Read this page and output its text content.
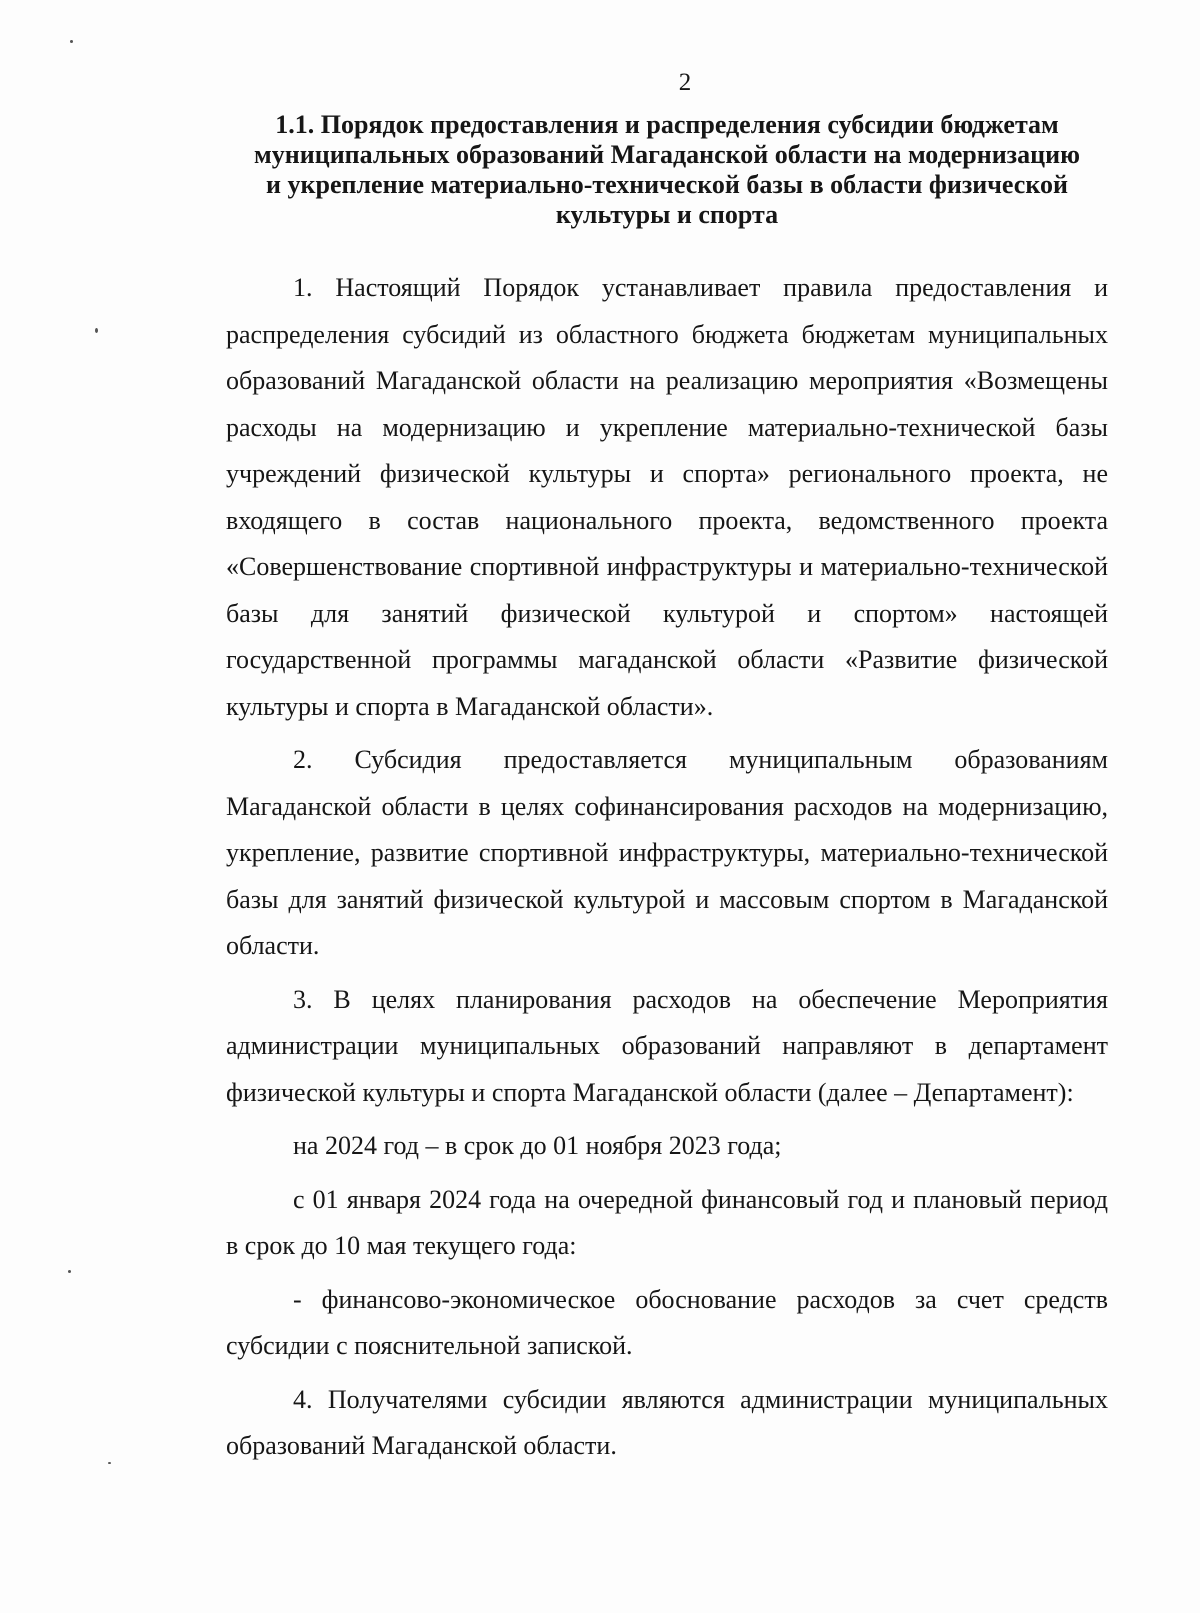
2
1.1. Порядок предоставления и распределения субсидии бюджетам
муниципальных образований Магаданской области на модернизацию
и укрепление материально-технической базы в области физической
культуры и спорта

1. Настоящий Порядок устанавливает правила предоставления и распределения субсидий из областного бюджета бюджетам муниципальных образований Магаданской области на реализацию мероприятия «Возмещены расходы на модернизацию и укрепление материально-технической базы учреждений физической культуры и спорта» регионального проекта, не входящего в состав национального проекта, ведомственного проекта «Совершенствование спортивной инфраструктуры и материально-технической базы для занятий физической культурой и спортом» настоящей государственной программы магаданской области «Развитие физической культуры и спорта в Магаданской области».

2. Субсидия предоставляется муниципальным образованиям Магаданской области в целях софинансирования расходов на модернизацию, укрепление, развитие спортивной инфраструктуры, материально-технической базы для занятий физической культурой и массовым спортом в Магаданской области.

3. В целях планирования расходов на обеспечение Мероприятия администрации муниципальных образований направляют в департамент физической культуры и спорта Магаданской области (далее – Департамент):

на 2024 год – в срок до 01 ноября 2023 года;

с 01 января 2024 года на очередной финансовый год и плановый период в срок до 10 мая текущего года:

- финансово-экономическое обоснование расходов за счет средств субсидии с пояснительной запиской.

4. Получателями субсидии являются администрации муниципальных образований Магаданской области.
